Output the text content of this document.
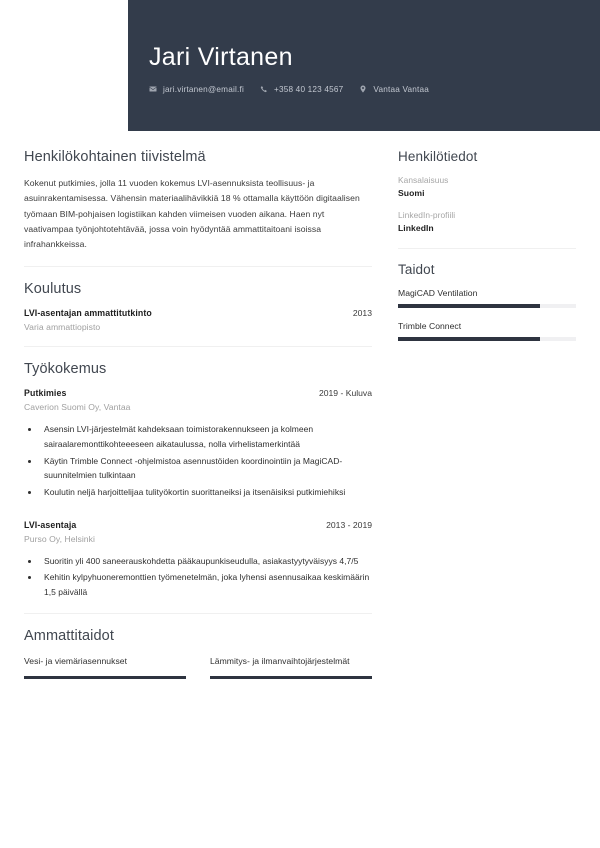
Jari Virtanen
jari.virtanen@email.fi	+358 40 123 4567	Vantaa Vantaa
Henkilökohtainen tiivistelmä
Kokenut putkimies, jolla 11 vuoden kokemus LVI-asennuksista teollisuus- ja asuinrakentamisessa. Vähensin materiaalihävikkiä 18 % ottamalla käyttöön digitaalisen työmaan BIM-pohjaisen logistiikan kahden viimeisen vuoden aikana. Haen nyt vaativampaa työnjohtotehtävää, jossa voin hyödyntää ammattitaitoani isoissa infrahankkeissa.
Koulutus
LVI-asentajan ammattitutkinto	2013
Varia ammattiopisto
Työkokemus
Putkimies	2019 - Kuluva
Caverion Suomi Oy, Vantaa
• Asensin LVI-järjestelmät kahdeksaan toimistorakennukseen ja kolmeen sairaalaremonttikohteeeseen aikataulussa, nolla virhelistamerkintää
• Käytin Trimble Connect -ohjelmistoa asennustöiden koordinointiin ja MagiCAD-suunnitelmien tulkintaan
• Koulutin neljä harjoittelijaa tulityökortin suorittaneiksi ja itsenäisiksi putkimiehiksi
LVI-asentaja	2013 - 2019
Purso Oy, Helsinki
• Suoritin yli 400 saneerauskohdetta pääkaupunkiseudulla, asiakastyytyväisyys 4,7/5
• Kehitin kylpyhuoneremonttien työmenetelmän, joka lyhensi asennusaikaa keskimäärin 1,5 päivällä
Ammattitaidot
Vesi- ja viemäriasennukset	Lämmitys- ja ilmanvaihtojärjestelmät
Henkilötiedot
Kansalaisuus
Suomi
LinkedIn-profiili
LinkedIn
Taidot
MagiCAD Ventilation
Trimble Connect
